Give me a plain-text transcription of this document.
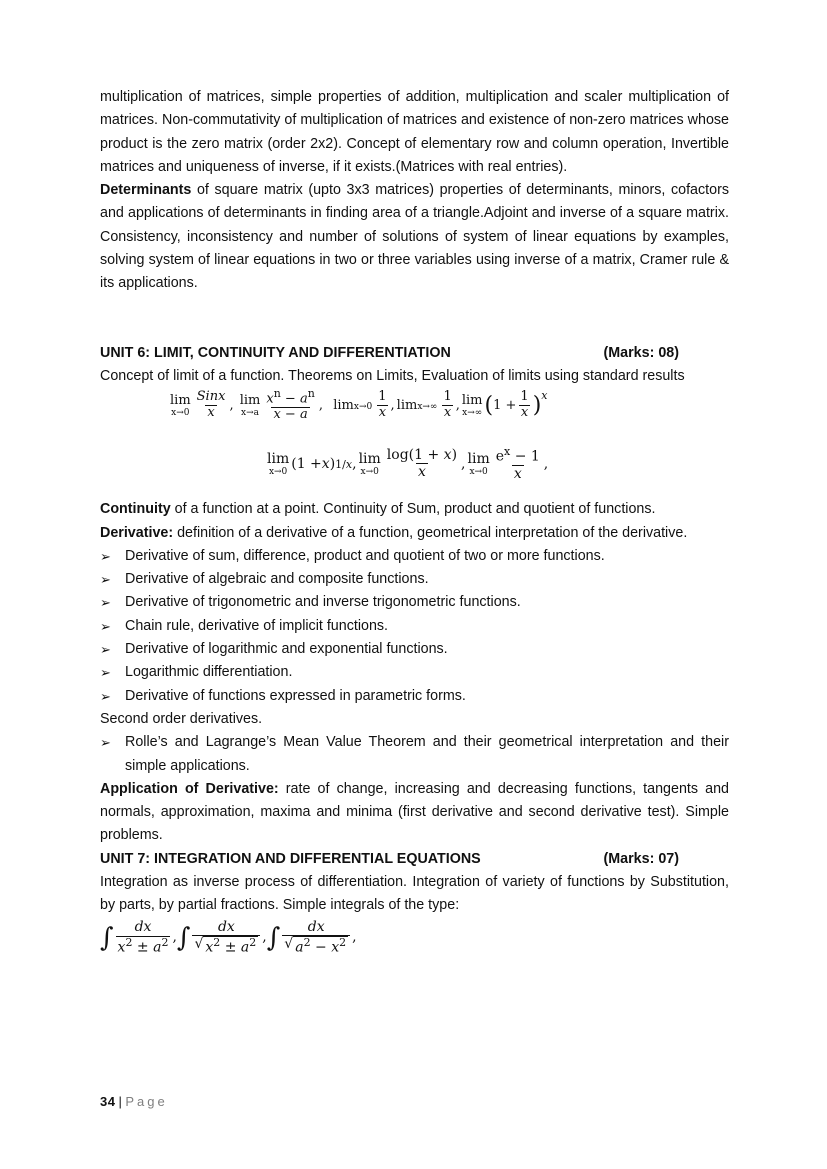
multiplication of matrices, simple properties of addition, multiplication and scaler multiplication of matrices. Non-commutativity of multiplication of matrices and existence of non-zero matrices whose product is the zero matrix (order 2x2). Concept of elementary row and column operation, Invertible matrices and uniqueness of inverse, if it exists.(Matrices with real entries).

Determinants of square matrix (upto 3x3 matrices) properties of determinants, minors, cofactors and applications of determinants in finding area of a triangle.Adjoint and inverse of a square matrix. Consistency, inconsistency and number of solutions of system of linear equations by examples, solving system of linear equations in two or three variables using inverse of a matrix, Cramer rule & its applications.

UNIT 6: LIMIT, CONTINUITY AND DIFFERENTIATION	(Marks: 08)

Concept of limit of a function. Theorems on Limits, Evaluation of limits using standard results

lim
$x\to 0 \frac{\text{Sinx}}{x}$ , lim
$x\to a \frac{x^n - a^n}{x - a}$ , $\lim x\to 0 \frac{1}{x}$ , $\lim x\to\infty \frac{1}{x}$ , lim
x→∞ ( $1 + \frac{1}{x} )^x$
lim
x→0
(1 + x ) 1/x , lim
$x\to 0 \frac{\log(1 + x)}{x}$ , lim
$x\to 0 \frac{e^x - 1}{x}$ ,

Continuity of a function at a point. Continuity of Sum, product and quotient of functions.

Derivative: definition of a derivative of a function, geometrical interpretation of the derivative.

➢ Derivative of sum, difference, product and quotient of two or more functions.
➢ Derivative of algebraic and composite functions.
➢ Derivative of trigonometric and inverse trigonometric functions.
➢ Chain rule, derivative of implicit functions.
➢ Derivative of logarithmic and exponential functions.
➢ Logarithmic differentiation.
➢ Derivative of functions expressed in parametric forms.

Second order derivatives.

➢ Rolle’s and Lagrange’s Mean Value Theorem and their geometrical interpretation and their simple applications.

Application of Derivative: rate of change, increasing and decreasing functions, tangents and normals, approximation, maxima and minima (first derivative and second derivative test). Simple problems.

UNIT 7: INTEGRATION AND DIFFERENTIAL EQUATIONS	(Marks: 07)

Integration as inverse process of differentiation. Integration of variety of functions by Substitution, by parts, by partial fractions. Simple integrals of the type:

∫ $\frac{dx}{x^2 \pm a^2}$ , ∫ $\frac{dx}{√ x^2 \pm a^2}$ , ∫ $\frac{dx}{√ a^2 - x^2}$ ,
34 | Page
